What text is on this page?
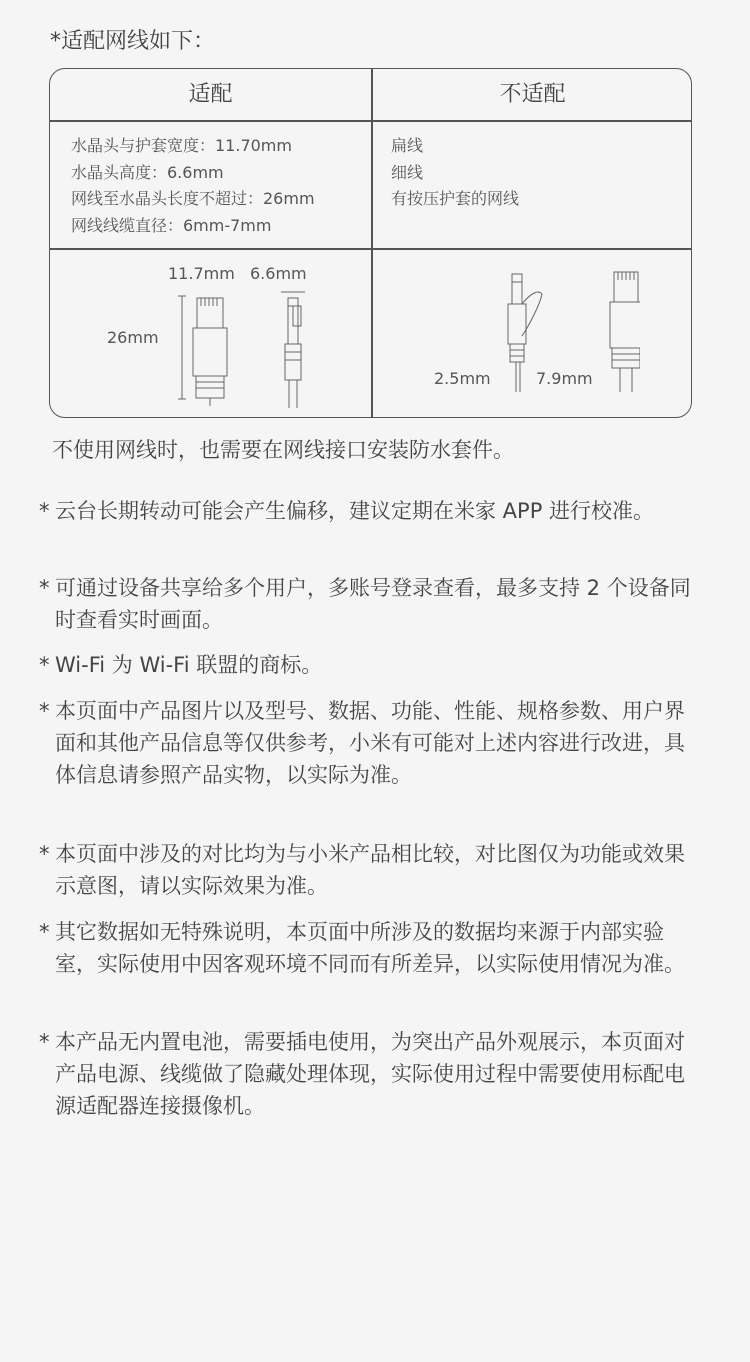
*适配网线如下：
适配	不适配
水晶头与护套宽度：11.70mm
水晶头高度：6.6mm
网线至水晶头长度不超过：26mm
网线线缆直径：6mm-7mm
扁线
细线
有按压护套的网线
11.7mm 6.6mm
26mm
2.5mm	7.9mm
不使用网线时，也需要在网线接口安装防水套件。
* 云台长期转动可能会产生偏移，建议定期在米家 APP 进行校准。
* 可通过设备共享给多个用户，多账号登录查看，最多支持 2 个设备同时查看实时画面。
* Wi-Fi 为 Wi-Fi 联盟的商标。
* 本页面中产品图片以及型号、数据、功能、性能、规格参数、用户界面和其他产品信息等仅供参考，小米有可能对上述内容进行改进，具体信息请参照产品实物，以实际为准。
* 本页面中涉及的对比均为与小米产品相比较，对比图仅为功能或效果示意图，请以实际效果为准。
* 其它数据如无特殊说明，本页面中所涉及的数据均来源于内部实验室，实际使用中因客观环境不同而有所差异，以实际使用情况为准。
* 本产品无内置电池，需要插电使用，为突出产品外观展示，本页面对产品电源、线缆做了隐藏处理体现，实际使用过程中需要使用标配电源适配器连接摄像机。
